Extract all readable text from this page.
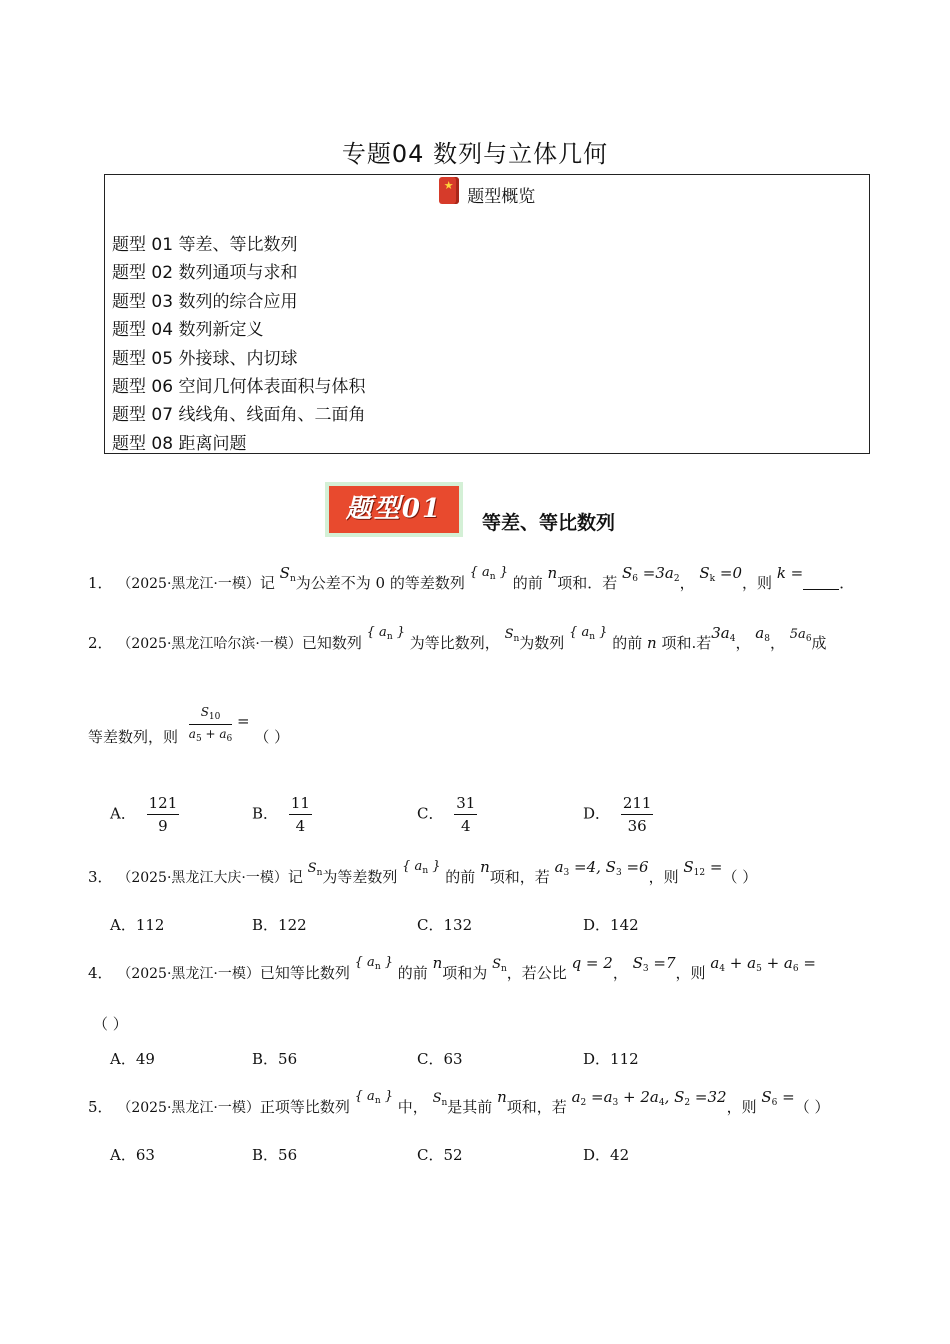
专题04 数列与立体几何
★
题型概览
题型 01 等差、等比数列
题型 02 数列通项与求和
题型 03 数列的综合应用
题型 04 数列新定义
题型 05 外接球、内切球
题型 06 空间几何体表面积与体积
题型 07 线线角、线面角、二面角
题型 08 距离问题
题型01	等差、等比数列
1． （2025·黑龙江·一模）记 Sn为公差不为 0 的等差数列 { an } 的前 n项和．若 S6 =3a2， Sk =0，则 k =．
2． （2025·黑龙江哈尔滨·一模）已知数列 { an } 为等比数列， Sn为数列 { an } 的前 n 项和.若3a4， a8， 5a6成
等差数列，则 $\frac{S10}{a5 + a6}$ = （ ）
A． $\frac{121}{9}$	B． $\frac{11}{4}$	C． $\frac{31}{4}$	D． $\frac{211}{36}$
3． （2025·黑龙江大庆·一模）记 Sn为等差数列 { an } 的前 n项和，若 a3 =4, S3 =6，则 S12 =（ ）
A．112	B．122	C．132	D．142
4． （2025·黑龙江·一模）已知等比数列 { an } 的前 n项和为 Sn，若公比 q = 2， S3 =7，则 a4 + a5 + a6 =
（ ）
A．49	B．56	C．63	D．112
5． （2025·黑龙江·一模）正项等比数列 { an } 中， Sn是其前 n项和，若 a2 =a3 + 2a4, S2 =32，则 S6 =（ ）
A．63	B．56	C．52	D．42
